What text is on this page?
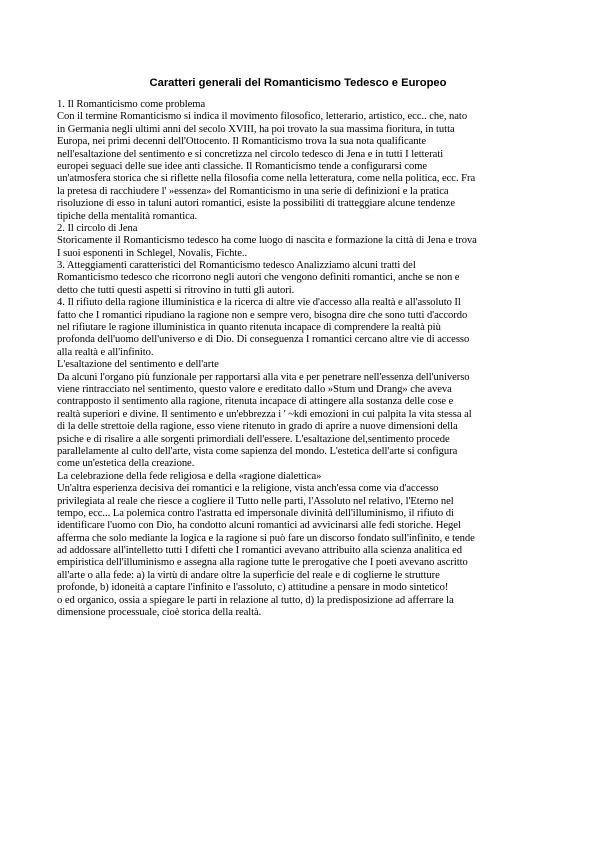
Caratteri generali del Romanticismo Tedesco e Europeo
1. Il Romanticismo come problema
Con il termine Romanticismo si indica il movimento filosofico, letterario, artistico, ecc.. che, nato
in Germania negli ultimi anni del secolo XVIII, ha poi trovato la sua massima fioritura, in tutta
Europa, nei primi decenni dell'Ottocento. Il Romanticismo trova la sua nota qualificante
nell'esaltazione del sentimento e si concretizza nel circolo tedesco di Jena e in tutti I letterati
europei seguaci delle sue idee anti classiche. Il Romanticismo tende a configurarsi come
un'atmosfera storica che si riflette nella filosofia come nella letteratura, come nella politica, ecc. Fra
la pretesa di racchiudere l' »essenza» del Romanticismo in una serie di definizioni e la pratica
risoluzione di esso in taluni autori romantici, esiste la possibiliti di tratteggiare alcune tendenze
tipiche della mentalità romantica.
2. Il circolo di Jena
Storicamente il Romanticismo tedesco ha come luogo di nascita e formazione la città di Jena e trova
I suoi esponenti in Schlegel, Novalis, Fichte..
3. Atteggiamenti caratteristici del Romanticismo tedesco Analizziamo alcuni tratti del
Romanticismo tedesco che ricorrono negli autori che vengono definiti romantici, anche se non e
detto che tutti questi aspetti si ritrovino in tutti gli autori.
4. Il rifiuto della ragione illuministica e la ricerca di altre vie d'accesso alla realtà e all'assoluto Il
fatto che I romantici ripudiano la ragione non e sempre vero, bisogna dire che sono tutti d'accordo
nel rifiutare le ragione illuministica in quanto ritenuta incapace di comprendere la realtà più
profonda dell'uomo dell'universo e di Dio. Di conseguenza I romantici cercano altre vie di accesso
alla realtà e all'infinito.
L'esaltazione del sentimento e dell'arte
Da alcuni l'organo più funzionale per rapportarsi alla vita e per penetrare nell'essenza dell'universo
viene rintracciato nel sentimento, questo valore e ereditato dallo »Stum und Drang» che aveva
contrapposto il sentimento alla ragione, ritenuta incapace di attingere alla sostanza delle cose e
realtà superiori e divine. Il sentimento e un'ebbrezza i ' ~kdi emozioni in cui palpita la vita stessa al
di la delle strettoie della ragione, esso viene ritenuto in grado di aprire a nuove dimensioni della
psiche e di risalire a alle sorgenti primordiali dell'essere. L'esaltazione del,sentimento procede
parallelamente al culto dell'arte, vista come sapienza del mondo. L'estetica dell'arte si configura
come un'estetica della creazione.
La celebrazione della fede religiosa e della «ragione dialettica»
Un'altra esperienza decisiva dei romantici e la religione, vista anch'essa come via d'accesso
privilegiata al reale che riesce a cogliere il Tutto nelle parti, l'Assoluto nel relativo, l'Eterno nel
tempo, ecc... La polemica contro l'astratta ed impersonale divinità dell'illuminismo, il rifiuto di
identificare l'uomo con Dio, ha condotto alcuni romantici ad avvicinarsi alle fedi storiche. Hegel
afferma che solo mediante la logica e la ragione si può fare un discorso fondato sull'infinito, e tende
ad addossare all'intelletto tutti I difetti che I romantici avevano attribuito alla scienza analitica ed
empiristica dell'illuminismo e assegna alla ragione tutte le prerogative che I poeti avevano ascritto
all'arte o alla fede: a) la virtù di andare oltre la superficie del reale e di coglierne le strutture
profonde, b) idoneità a captare l'infinito e l'assoluto, c) attitudine a pensare in modo sintetico!
o ed organico, ossia a spiegare le parti in relazione al tutto, d) la predisposizione ad afferrare la
dimensione processuale, cioè storica della realtà.
